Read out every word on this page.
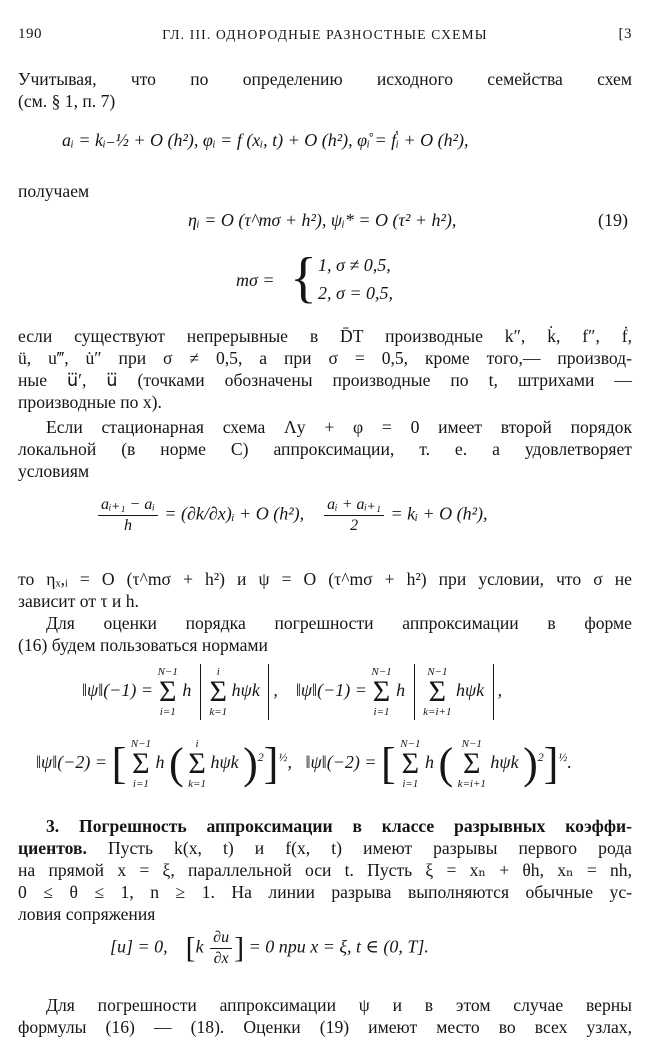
190	ГЛ. III. ОДНОРОДНЫЕ РАЗНОСТНЫЕ СХЕМЫ	[3
Учитывая, что по определению исходного семейства схем
(см. § 1, п. 7)
aᵢ = kᵢ₋½ + O (h²), φᵢ = f (xᵢ, t) + O (h²), φ̊ᵢ = ḟᵢ + O (h²),
получаем
ηᵢ = O (τ^mσ + h²), ψᵢ* = O (τ² + h²),	(19)
mσ = { 1, σ ≠ 0,5,
2, σ = 0,5,
если существуют непрерывные в D̄T производные k″, k̇, f″, ḟ,
ü, u‴, u̇″ при σ ≠ 0,5, а при σ = 0,5, кроме того,— производ-
ные u⃛′, u⃛ (точками обозначены производные по t, штрихами —
производные по x).
Если стационарная схема Λy + φ = 0 имеет второй порядок
локальной (в норме C) аппроксимации, т. е. a удовлетворяет
условиям
$\frac{\text{aᵢ₊₁ − aᵢ}}{h}$ = (∂k/∂x)ᵢ + O (h²), $\frac{\text{aᵢ + aᵢ₊₁}}{2}$ = kᵢ + O (h²),
то ηₓ,ᵢ = O (τ^mσ + h²) и ψ = O (τ^mσ + h²) при условии, что σ не
зависит от τ и h.
Для оценки порядка погрешности аппроксимации в форме
(16) будем пользоваться нормами
‖ψ‖(−1) =
N−1
Σ
i=1
h
i
Σ
k=1
hψk ,    ‖ψ‖(−1) =
N−1
Σ
i=1
h
N−1
Σ
k=i+1
hψk ,
‖ψ‖(−2) = [ N−1
Σ
i=1
h (	i
Σ
k=1
hψk )$^2$]$^{\frac{1}{2}}$,   ‖ψ‖(−2) = [ N−1
Σ
i=1
h ( N−1
Σ
k=i+1
hψk )$^2$]$^{\frac{1}{2}}$.
3. Погрешность аппроксимации в классе разрывных коэффи-
циентов. Пусть k(x, t) и f(x, t) имеют разрывы первого рода
на прямой x = ξ, параллельной оси t. Пусть ξ = xₙ + θh, xₙ = nh,
0 ≤ θ ≤ 1, n ≥ 1. На линии разрыва выполняются обычные ус-
ловия сопряжения
[u] = 0, [$k \frac{\partial u}{\partial x}$ ] = 0 при x = ξ, t ∈ (0, T].
Для погрешности аппроксимации ψ и в этом случае верны
формулы (16) — (18). Оценки (19) имеют место во всех узлах,
